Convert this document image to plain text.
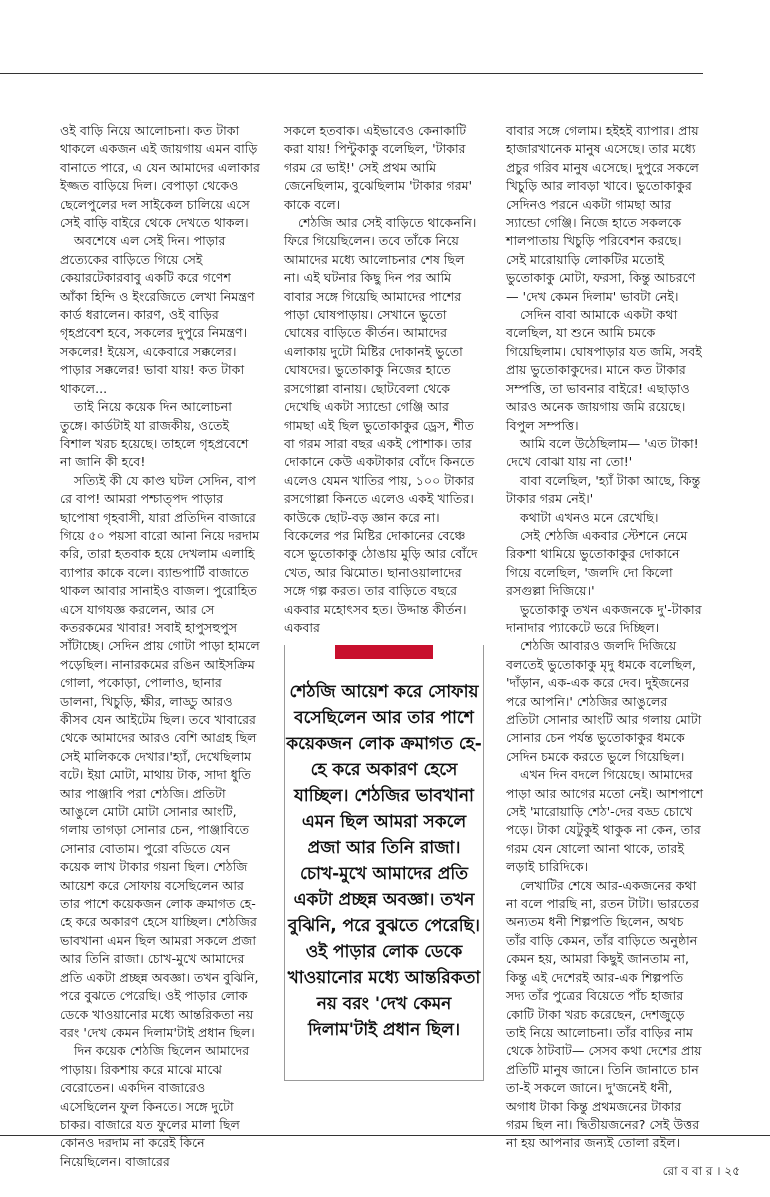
ওই বাড়ি নিয়ে আলোচনা। কত টাকা থাকলে একজন এই জায়গায় এমন বাড়ি বানাতে পারে, এ যেন আমাদের এলাকার ইজ্জত বাড়িয়ে দিল। বেপাড়া থেকেও ছেলেপুলের দল সাইকেল চালিয়ে এসে সেই বাড়ি বাইরে থেকে দেখতে থাকল।

অবশেষে এল সেই দিন। পাড়ার প্রত্যেকের বাড়িতে গিয়ে সেই কেয়ারটেকারবাবু একটি করে গণেশ আঁকা হিন্দি ও ইংরেজিতে লেখা নিমন্ত্রণ কার্ড ধরালেন। কারণ, ওই বাড়ির গৃহপ্রবেশ হবে, সকলের দুপুরে নিমন্ত্রণ। সকলের! ইয়েস, একেবারে সক্কলের। পাড়ার সক্কলের! ভাবা যায়! কত টাকা থাকলে...

তাই নিয়ে কয়েক দিন আলোচনা তুঙ্গে। কার্ডটাই যা রাজকীয়, ওতেই বিশাল খরচ হয়েছে। তাহলে গৃহপ্রবেশে না জানি কী হবে!

সত্যিই কী যে কাণ্ড ঘটল সেদিন, বাপ রে বাপ! আমরা পশ্চাত্পদ পাড়ার ছাপোষা গৃহবাসী, যারা প্রতিদিন বাজারে গিয়ে ৫০ পয়সা বারো আনা নিয়ে দরদাম করি, তারা হতবাক হয়ে দেখলাম এলাহি ব্যাপার কাকে বলে। ব্যান্ডপার্টি বাজাতে থাকল আবার সানাইও বাজল। পুরোহিত এসে যাগযজ্ঞ করলেন, আর সে কতরকমের খাবার! সবাই হাপুসহুপুস সাঁটাচ্ছে। সেদিন প্রায় গোটা পাড়া হামলে পড়েছিল। নানারকমের রঙিন আইসক্রিম গোলা, পকোড়া, পোলাও, ছানার ডালনা, খিচুড়ি, ক্ষীর, লাড্ডু আরও কীসব যেন আইটেম ছিল। তবে খাবারের থেকে আমাদের আরও বেশি আগ্রহ ছিল সেই মালিককে দেখার।'হ্যাঁ, দেখেছিলাম বটে। ইয়া মোটা, মাথায় টাক, সাদা ধুতি আর পাঞ্জাবি পরা শেঠজি। প্রতিটা আঙুলে মোটা মোটা সোনার আংটি, গলায় তাগড়া সোনার চেন, পাঞ্জাবিতে সোনার বোতাম। পুরো বডিতে যেন কয়েক লাখ টাকার গয়না ছিল। শেঠজি আয়েশ করে সোফায় বসেছিলেন আর তার পাশে কয়েকজন লোক ক্রমাগত হে-হে করে অকারণ হেসে যাচ্ছিল। শেঠজির ভাবখানা এমন ছিল আমরা সকলে প্রজা আর তিনি রাজা। চোখ-মুখে আমাদের প্রতি একটা প্রচ্ছন্ন অবজ্ঞা। তখন বুঝিনি, পরে বুঝতে পেরেছি। ওই পাড়ার লোক ডেকে খাওয়ানোর মধ্যে আন্তরিকতা নয় বরং 'দেখ কেমন দিলাম'টাই প্রধান ছিল।

দিন কয়েক শেঠজি ছিলেন আমাদের পাড়ায়। রিকশায় করে মাঝে মাঝে বেরোতেন। একদিন বাজারেও এসেছিলেন ফুল কিনতে। সঙ্গে দুটো চাকর। বাজারে যত ফুলের মালা ছিল কোনও দরদাম না করেই কিনে নিয়েছিলেন। বাজারের

সকলে হতবাক। এইভাবেও কেনাকাটি করা যায়! পিন্টুকাকু বলেছিল, 'টাকার গরম রে ভাই!' সেই প্রথম আমি জেনেছিলাম, বুঝেছিলাম 'টাকার গরম' কাকে বলে।

শেঠজি আর সেই বাড়িতে থাকেননি। ফিরে গিয়েছিলেন। তবে তাঁকে নিয়ে আমাদের মধ্যে আলোচনার শেষ ছিল না। এই ঘটনার কিছু দিন পর আমি বাবার সঙ্গে গিয়েছি আমাদের পাশের পাড়া ঘোষপাড়ায়। সেখানে ভুতো ঘোষের বাড়িতে কীর্তন। আমাদের এলাকায় দুটো মিষ্টির দোকানই ভুতো ঘোষদের। ভুতোকাকু নিজের হাতে রসগোল্লা বানায়। ছোটবেলা থেকে দেখেছি একটা স্যান্ডো গেঞ্জি আর গামছা এই ছিল ভুতোকাকুর ড্রেস, শীত বা গরম সারা বছর একই পোশাক। তার দোকানে কেউ একটাকার বোঁদে কিনতে এলেও যেমন খাতির পায়, ১০০ টাকার রসগোল্লা কিনতে এলেও একই খাতির। কাউকে ছোট-বড় জ্ঞান করে না। বিকেলের পর মিষ্টির দোকানের বেঞ্চে বসে ভুতোকাকু ঠোঙায় মুড়ি আর বোঁদে খেত, আর ঝিমোত। ছানাওয়ালাদের সঙ্গে গল্প করত। তার বাড়িতে বছরে একবার মহোৎসব হত। উদ্দাম্ত কীর্তন। একবার

বাবার সঙ্গে গেলাম। হইহই ব্যাপার। প্রায় হাজারখানেক মানুষ এসেছে। তার মধ্যে প্রচুর গরিব মানুষ এসেছে। দুপুরে সকলে খিচুড়ি আর লাবড়া খাবে। ভুতোকাকুর সেদিনও পরনে একটা গামছা আর স্যান্ডো গেঞ্জি। নিজে হাতে সকলকে শালপাতায় খিচুড়ি পরিবেশন করছে। সেই মারোয়াড়ি লোকটির মতোই ভুতোকাকু মোটা, ফরসা, কিন্তু আচরণে— 'দেখ কেমন দিলাম' ভাবটা নেই।

সেদিন বাবা আমাকে একটা কথা বলেছিল, যা শুনে আমি চমকে গিয়েছিলাম। ঘোষপাড়ার যত জমি, সবই প্রায় ভুতোকাকুদের। মানে কত টাকার সম্পত্তি, তা ভাবনার বাইরে! এছাড়াও আরও অনেক জায়গায় জমি রয়েছে। বিপুল সম্পত্তি।

আমি বলে উঠেছিলাম— 'এত টাকা! দেখে বোঝা যায় না তো!'

বাবা বলেছিল, 'হ্যাঁ টাকা আছে, কিন্তু টাকার গরম নেই।'

কথাটা এখনও মনে রেখেছি।

সেই শেঠজি একবার স্টেশনে নেমে রিকশা থামিয়ে ভুতোকাকুর দোকানে গিয়ে বলেছিল, 'জলদি দো কিলো রসগুল্লা দিজিয়ে।'

ভুতোকাকু তখন একজনকে দু'-টাকার দানাদার প্যাকেটে ভরে দিচ্ছিল।

শেঠজি আবারও জলদি দিজিয়ে বলতেই ভুতোকাকু মৃদু ধমকে বলেছিল, 'দাঁড়ান, এক-এক করে দেব। দুইজনের পরে আপনি।' শেঠজির আঙুলের প্রতিটা সোনার আংটি আর গলায় মোটা সোনার চেন পর্যন্ত ভুতোকাকুর ধমকে সেদিন চমকে করতে ভুলে গিয়েছিল।

এখন দিন বদলে গিয়েছে। আমাদের পাড়া আর আগের মতো নেই। আশপাশে সেই 'মারোয়াড়ি শেঠ'-দের বড্ড চোখে পড়ে। টাকা যেটুকুই থাকুক না কেন, তার গরম যেন ষোলো আনা থাকে, তারই লড়াই চারিদিকে।

লেখাটির শেষে আর-একজনের কথা না বলে পারছি না, রতন টাটা। ভারতের অন্যতম ধনী শিল্পপতি ছিলেন, অথচ তাঁর বাড়ি কেমন, তাঁর বাড়িতে অনুষ্ঠান কেমন হয়, আমরা কিছুই জানতাম না, কিন্তু এই দেশেরই আর-এক শিল্পপতি সদ্য তাঁর পুত্রের বিয়েতে পাঁচ হাজার কোটি টাকা খরচ করেছেন, দেশজুড়ে তাই নিয়ে আলোচনা। তাঁর বাড়ির নাম থেকে ঠাটবাট— সেসব কথা দেশের প্রায় প্রতিটি মানুষ জানে। তিনি জানাতে চান তা-ই সকলে জানে। দু'জনেই ধনী, অগাধ টাকা কিন্তু প্রথমজনের টাকার গরম ছিল না। দ্বিতীয়জনের? সেই উত্তর না হয় আপনার জন্যই তোলা রইল।

শেঠজি আয়েশ করে সোফায় বসেছিলেন আর তার পাশে কয়েকজন লোক ক্রমাগত হে-হে করে অকারণ হেসে যাচ্ছিল। শেঠজির ভাবখানা এমন ছিল আমরা সকলে প্রজা আর তিনি রাজা। চোখ-মুখে আমাদের প্রতি একটা প্রচ্ছন্ন অবজ্ঞা। তখন বুঝিনি, পরে বুঝতে পেরেছি। ওই পাড়ার লোক ডেকে খাওয়ানোর মধ্যে আন্তরিকতা নয় বরং 'দেখ কেমন দিলাম'টাই প্রধান ছিল।
রো ব বা র । ২৫
